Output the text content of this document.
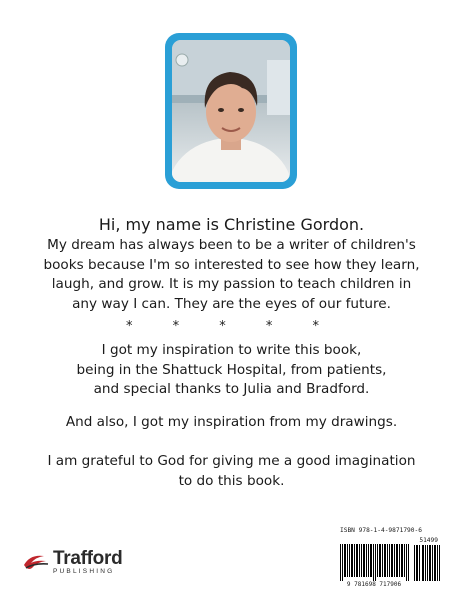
Hi, my name is Christine Gordon.
My dream has always been to be a writer of children's
books because I'm so interested to see how they learn,
laugh, and grow. It is my passion to teach children in
any way I can. They are the eyes of our future.
* * * * *
I got my inspiration to write this book,
being in the Shattuck Hospital, from patients,
and special thanks to Julia and Bradford.
And also, I got my inspiration from my drawings.
I am grateful to God for giving me a good imagination
to do this book.
Trafford
PUBLISHING
ISBN 978-1-4-9871790-6
51499
9 781698 717906
